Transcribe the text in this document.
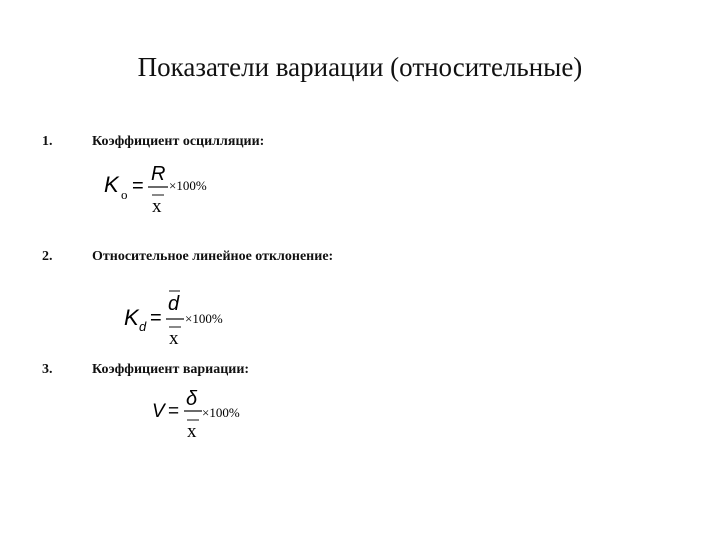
Показатели вариации (относительные)
1.	Коэффициент осцилляции:
K o =
R
x
×100%
2.	Относительное линейное отклонение:
K d =
d
x
×100%
3.	Коэффициент вариации:
V =
δ
x
×100%
